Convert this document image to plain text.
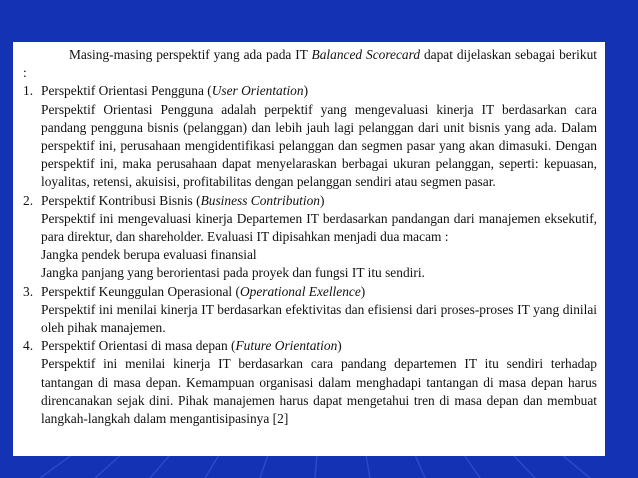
Masing-masing perspektif yang ada pada IT Balanced Scorecard dapat dijelaskan sebagai berikut :

1. Perspektif Orientasi Pengguna (User Orientation)

Perspektif Orientasi Pengguna adalah perpektif yang mengevaluasi kinerja IT berdasarkan cara pandang pengguna bisnis (pelanggan) dan lebih jauh lagi pelanggan dari unit bisnis yang ada. Dalam perspektif ini, perusahaan mengidentifikasi pelanggan dan segmen pasar yang akan dimasuki. Dengan perspektif ini, maka perusahaan dapat menyelaraskan berbagai ukuran pelanggan, seperti: kepuasan, loyalitas, retensi, akuisisi, profitabilitas dengan pelanggan sendiri atau segmen pasar.

2. Perspektif Kontribusi Bisnis (Business Contribution)

Perspektif ini mengevaluasi kinerja Departemen IT berdasarkan pandangan dari manajemen eksekutif, para direktur, dan shareholder. Evaluasi IT dipisahkan menjadi dua macam :

Jangka pendek berupa evaluasi finansial

Jangka panjang yang berorientasi pada proyek dan fungsi IT itu sendiri.

3. Perspektif Keunggulan Operasional (Operational Exellence)

Perspektif ini menilai kinerja IT berdasarkan efektivitas dan efisiensi dari proses-proses IT yang dinilai oleh pihak manajemen.

4. Perspektif Orientasi di masa depan (Future Orientation)

Perspektif ini menilai kinerja IT berdasarkan cara pandang departemen IT itu sendiri terhadap tantangan di masa depan. Kemampuan organisasi dalam menghadapi tantangan di masa depan harus direncanakan sejak dini. Pihak manajemen harus dapat mengetahui tren di masa depan dan membuat langkah-langkah dalam mengantisipasinya [2]
